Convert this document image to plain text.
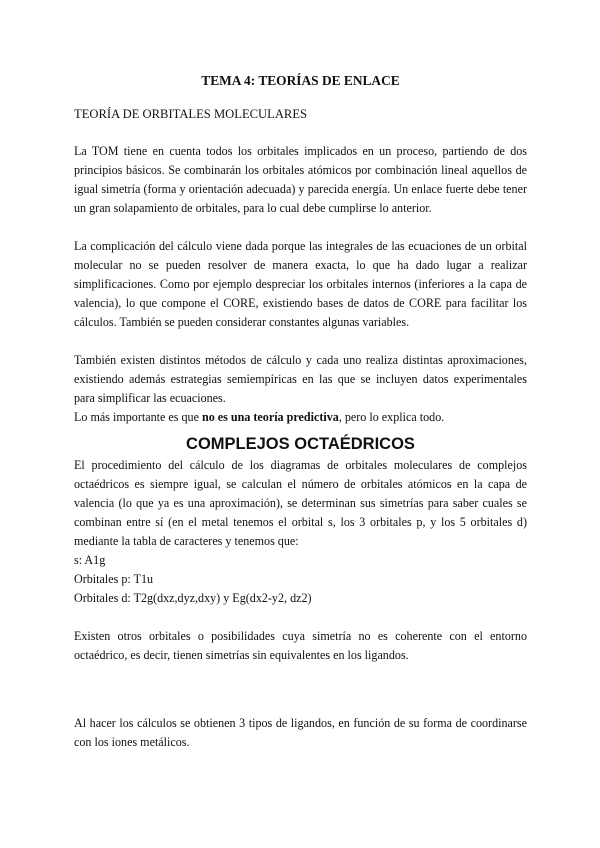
TEMA 4: TEORÍAS DE ENLACE

TEORÍA DE ORBITALES MOLECULARES

La TOM tiene en cuenta todos los orbitales implicados en un proceso, partiendo de dos principios básicos. Se combinarán los orbitales atómicos por combinación lineal aquellos de igual simetría (forma y orientación adecuada) y parecida energía. Un enlace fuerte debe tener un gran solapamiento de orbitales, para lo cual debe cumplirse lo anterior.

La complicación del cálculo viene dada porque las integrales de las ecuaciones de un orbital molecular no se pueden resolver de manera exacta, lo que ha dado lugar a realizar simplificaciones. Como por ejemplo despreciar los orbitales internos (inferiores a la capa de valencia), lo que compone el CORE, existiendo bases de datos de CORE para facilitar los cálculos. También se pueden considerar constantes algunas variables.

También existen distintos métodos de cálculo y cada uno realiza distintas aproximaciones, existiendo además estrategias semiempíricas en las que se incluyen datos experimentales para simplificar las ecuaciones.

Lo más importante es que no es una teoría predictiva, pero lo explica todo.

COMPLEJOS OCTAÉDRICOS

El procedimiento del cálculo de los diagramas de orbitales moleculares de complejos octaédricos es siempre igual, se calculan el número de orbitales atómicos en la capa de valencia (lo que ya es una aproximación), se determinan sus simetrías para saber cuales se combinan entre sí (en el metal tenemos el orbital s, los 3 orbitales p, y los 5 orbitales d) mediante la tabla de caracteres y tenemos que:

s: A1g

Orbitales p: T1u

Orbitales d: T2g(dxz,dyz,dxy) y Eg(dx2-y2, dz2)

Existen otros orbitales o posibilidades cuya simetría no es coherente con el entorno octaédrico, es decir, tienen simetrías sin equivalentes en los ligandos.

Al hacer los cálculos se obtienen 3 tipos de ligandos, en función de su forma de coordinarse con los iones metálicos.
